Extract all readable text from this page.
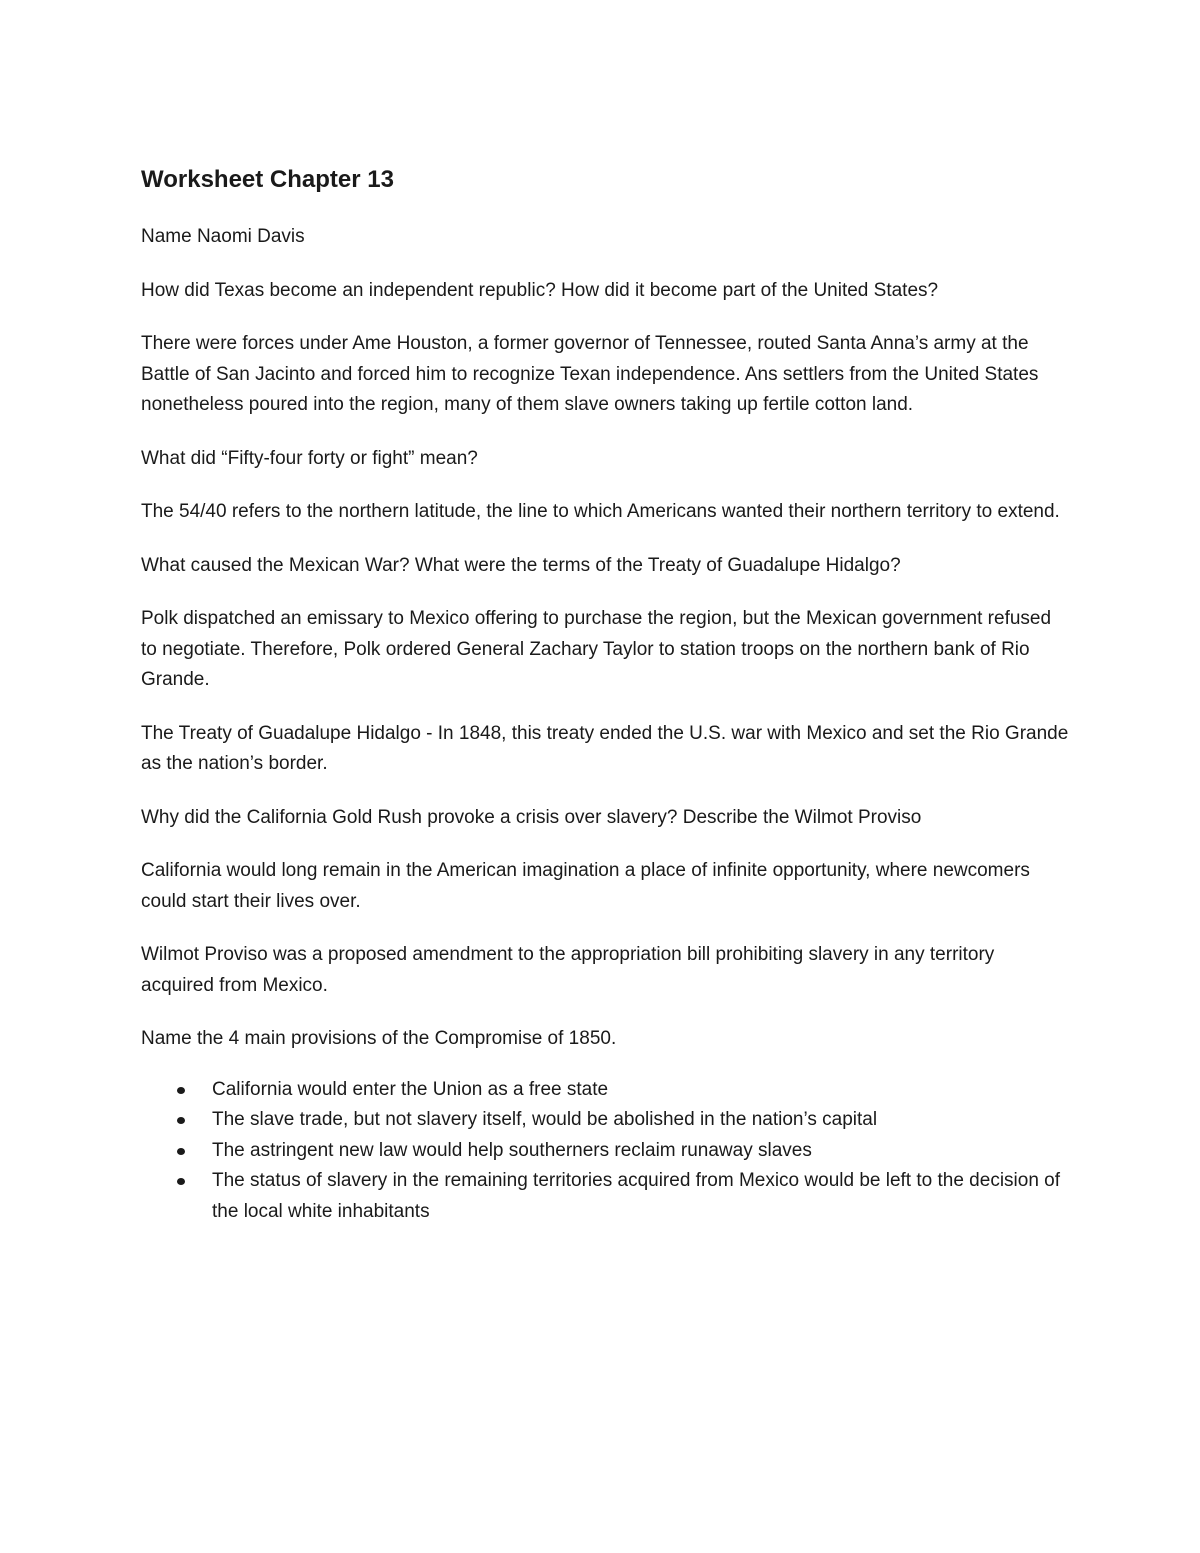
Worksheet Chapter 13

Name Naomi Davis

How did Texas become an independent republic? How did it become part of the United States?

There were forces under Ame Houston, a former governor of Tennessee, routed Santa Anna’s army at the Battle of San Jacinto and forced him to recognize Texan independence. Ans settlers from the United States nonetheless poured into the region, many of them slave owners taking up fertile cotton land.

What did “Fifty-four forty or fight” mean?

The 54/40 refers to the northern latitude, the line to which Americans wanted their northern territory to extend.

What caused the Mexican War? What were the terms of the Treaty of Guadalupe Hidalgo?

Polk dispatched an emissary to Mexico offering to purchase the region, but the Mexican government refused to negotiate. Therefore, Polk ordered General Zachary Taylor to station troops on the northern bank of Rio Grande.

The Treaty of Guadalupe Hidalgo - In 1848, this treaty ended the U.S. war with Mexico and set the Rio Grande as the nation’s border.

Why did the California Gold Rush provoke a crisis over slavery? Describe the Wilmot Proviso

California would long remain in the American imagination a place of infinite opportunity, where newcomers could start their lives over.

Wilmot Proviso was a proposed amendment to the appropriation bill prohibiting slavery in any territory acquired from Mexico.

Name the 4 main provisions of the Compromise of 1850.

California would enter the Union as a free state
The slave trade, but not slavery itself, would be abolished in the nation’s capital
The astringent new law would help southerners reclaim runaway slaves
The status of slavery in the remaining territories acquired from Mexico would be left to the decision of the local white inhabitants
